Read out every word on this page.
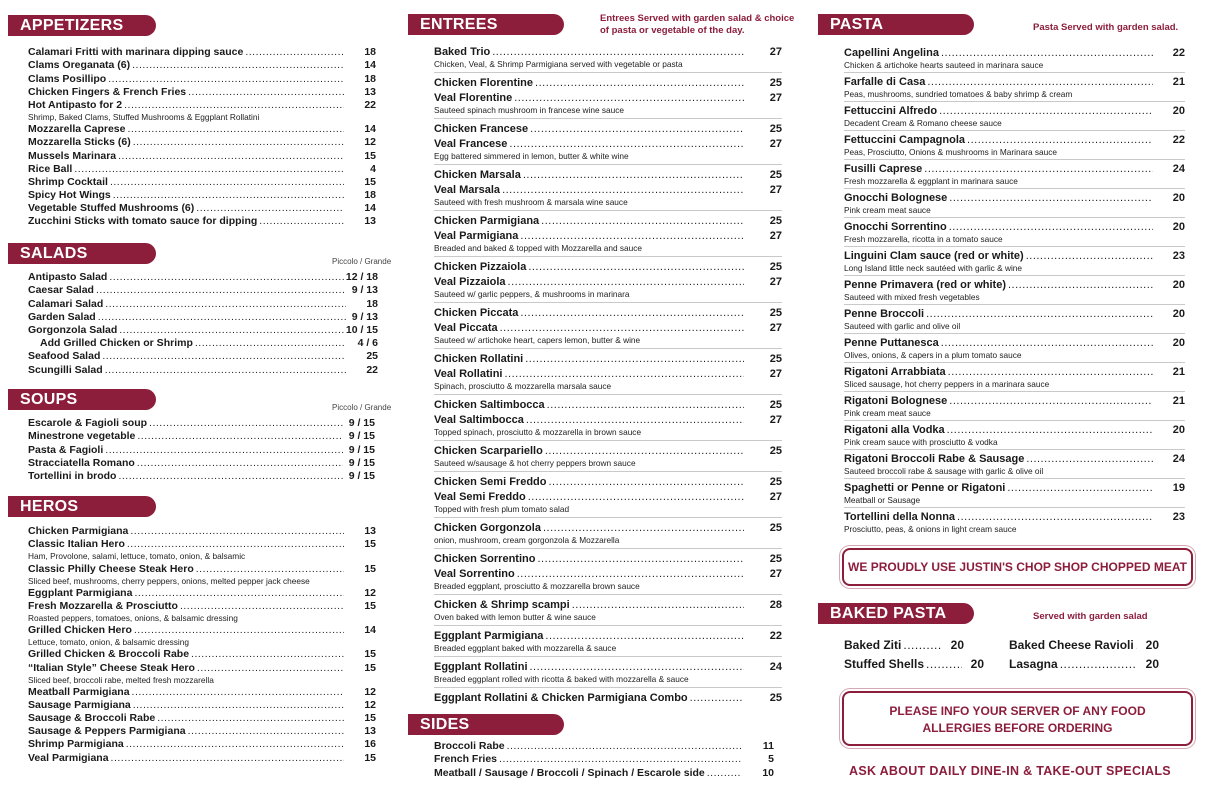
APPETIZERS
Calamari Fritti with marinara dipping sauce .....	18
Clams Oreganata (6) .....	14
Clams Posillipo .....	18
Chicken Fingers & French Fries .....	13
Hot Antipasto for 2 .....	22
Shrimp, Baked Clams, Stuffed Mushrooms & Eggplant Rollatini
Mozzarella Caprese .....	14
Mozzarella Sticks (6) .....	12
Mussels Marinara .....	15
Rice Ball .....	4
Shrimp Cocktail .....	15
Spicy Hot Wings .....	18
Vegetable Stuffed Mushrooms (6) .....	14
Zucchini Sticks with tomato sauce for dipping .....	13
SALADS	Piccolo / Grande
Antipasto Salad .....	12 / 18
Caesar Salad .....	9 / 13
Calamari Salad .....	18
Garden Salad .....	9 / 13
Gorgonzola Salad .....	10 / 15
Add Grilled Chicken or Shrimp .....	4 / 6
Seafood Salad .....	25
Scungilli Salad .....	22
SOUPS	Piccolo / Grande
Escarole & Fagioli soup .....	9 / 15
Minestrone vegetable .....	9 / 15
Pasta & Fagioli .....	9 / 15
Stracciatella Romano .....	9 / 15
Tortellini in brodo .....	9 / 15
HEROS
Chicken Parmigiana .....	13
Classic Italian Hero .....	15
Ham, Provolone, salami, lettuce, tomato, onion, & balsamic
Classic Philly Cheese Steak Hero .....	15
Sliced beef, mushrooms, cherry peppers, onions, melted pepper jack cheese
Eggplant Parmigiana .....	12
Fresh Mozzarella & Prosciutto .....	15
Roasted peppers, tomatoes, onions, & balsamic dressing
Grilled Chicken Hero .....	14
Lettuce, tomato, onion, & balsamic dressing
Grilled Chicken & Broccoli Rabe .....	15
“Italian Style” Cheese Steak Hero .....	15
Sliced beef, broccoli rabe, melted fresh mozzarella
Meatball Parmigiana .....	12
Sausage Parmigiana .....	12
Sausage & Broccoli Rabe .....	15
Sausage & Peppers Parmigiana .....	13
Shrimp Parmigiana .....	16
Veal Parmigiana .....	15
ENTREES	Entrees Served with garden salad & choice of pasta or vegetable of the day.
Baked Trio .....	27
Chicken, Veal, & Shrimp Parmigiana served with vegetable or pasta
Chicken Florentine .....	25
Veal Florentine .....	27
Sauteed spinach mushroom in francese wine sauce
Chicken Francese .....	25
Veal Francese .....	27
Egg battered simmered in lemon, butter & white wine
Chicken Marsala .....	25
Veal Marsala .....	27
Sauteed with fresh mushroom & marsala wine sauce
Chicken Parmigiana .....	25
Veal Parmigiana .....	27
Breaded and baked & topped with Mozzarella and sauce
Chicken Pizzaiola .....	25
Veal Pizzaiola .....	27
Sauteed w/ garlic peppers, & mushrooms in marinara
Chicken Piccata .....	25
Veal Piccata .....	27
Sauteed w/ artichoke heart, capers lemon, butter & wine
Chicken Rollatini .....	25
Veal Rollatini .....	27
Spinach, prosciutto & mozzarella marsala sauce
Chicken Saltimbocca .....	25
Veal Saltimbocca .....	27
Topped spinach, prosciutto & mozzarella in brown sauce
Chicken Scarpariello .....	25
Sauteed w/sausage & hot cherry peppers brown sauce
Chicken Semi Freddo .....	25
Veal Semi Freddo .....	27
Topped with fresh plum tomato salad
Chicken Gorgonzola .....	25
onion, mushroom, cream gorgonzola & Mozzarella
Chicken Sorrentino .....	25
Veal Sorrentino .....	27
Breaded eggplant, prosciutto & mozzarella brown sauce
Chicken & Shrimp scampi .....	28
Oven baked with lemon butter & wine sauce
Eggplant Parmigiana .....	22
Breaded eggplant baked with mozzarella & sauce
Eggplant Rollatini .....	24
Breaded eggplant rolled with ricotta & baked with mozzarella & sauce
Eggplant Rollatini & Chicken Parmigiana Combo .....	25
SIDES
Broccoli Rabe .....	11
French Fries .....	5
Meatball / Sausage / Broccoli / Spinach / Escarole side .....	10
PASTA	Pasta Served with garden salad.
Capellini Angelina .....	22
Chicken & artichoke hearts sauteed in marinara sauce
Farfalle di Casa .....	21
Peas, mushrooms, sundried tomatoes & baby shrimp & cream
Fettuccini Alfredo .....	20
Decadent Cream & Romano cheese sauce
Fettuccini Campagnola .....	22
Peas, Prosciutto, Onions & mushrooms in Marinara sauce
Fusilli Caprese .....	24
Fresh mozzarella & eggplant in marinara sauce
Gnocchi Bolognese .....	20
Pink cream meat sauce
Gnocchi Sorrentino .....	20
Fresh mozzarella, ricotta in a tomato sauce
Linguini Clam sauce (red or white) .....	23
Long Island little neck sautéed with garlic & wine
Penne Primavera (red or white) .....	20
Sauteed with mixed fresh vegetables
Penne Broccoli .....	20
Sauteed with garlic and olive oil
Penne Puttanesca .....	20
Olives, onions, & capers in a plum tomato sauce
Rigatoni Arrabbiata .....	21
Sliced sausage, hot cherry peppers in a marinara sauce
Rigatoni Bolognese .....	21
Pink cream meat sauce
Rigatoni alla Vodka .....	20
Pink cream sauce with prosciutto & vodka
Rigatoni Broccoli Rabe & Sausage .....	24
Sauteed broccoli rabe & sausage with garlic & olive oil
Spaghetti or Penne or Rigatoni .....	19
Meatball or Sausage
Tortellini della Nonna .....	23
Prosciutto, peas, & onions in light cream sauce
WE PROUDLY USE JUSTIN'S CHOP SHOP CHOPPED MEAT
BAKED PASTA	Served with garden salad
Baked Ziti .....	20	Baked Cheese Ravioli ..... 20
Stuffed Shells .....	20 Lasagna .....	20
PLEASE INFO YOUR SERVER OF ANY FOOD
ALLERGIES BEFORE ORDERING
ASK ABOUT DAILY DINE-IN & TAKE-OUT SPECIALS
